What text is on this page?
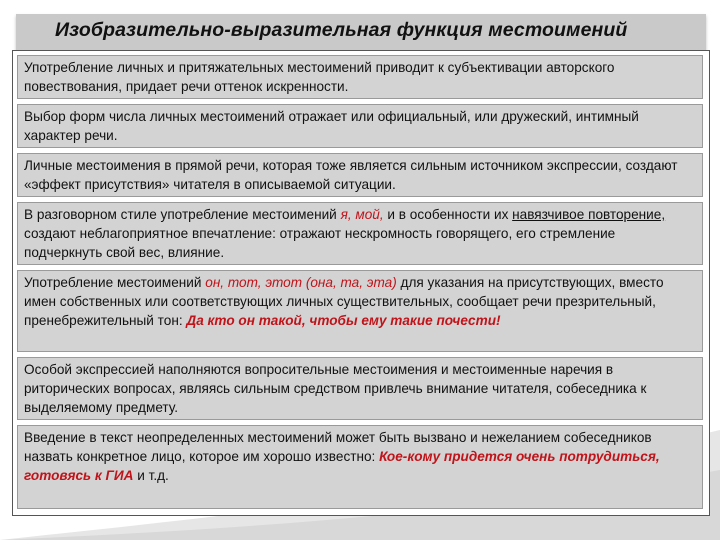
Изобразительно-выразительная функция местоимений

Употребление личных и притяжательных местоимений приводит к субъективации авторского повествования, придает речи оттенок искренности.

Выбор форм числа личных местоимений отражает или официальный, или дружеский, интимный характер речи.

Личные местоимения в прямой речи, которая тоже является сильным источником экспрессии, создают «эффект присутствия» читателя в описываемой ситуации.

В разговорном стиле употребление местоимений я, мой, и в особенности их навязчивое повторение, создают неблагоприятное впечатление: отражают нескромность говорящего, его стремление подчеркнуть свой вес, влияние.

Употребление местоимений он, тот, этот (она, та, эта) для указания на присутствующих, вместо имен собственных или соответствующих личных существительных, сообщает речи презрительный, пренебрежительный тон: Да кто он такой, чтобы ему такие почести!

Особой экспрессией наполняются вопросительные местоимения и местоименные наречия в риторических вопросах, являясь сильным средством привлечь внимание читателя, собеседника к выделяемому предмету.

Введение в текст неопределенных местоимений может быть вызвано и нежеланием собеседников назвать конкретное лицо, которое им хорошо известно: Кое-кому придется очень потрудиться, готовясь к ГИА и т.д.
